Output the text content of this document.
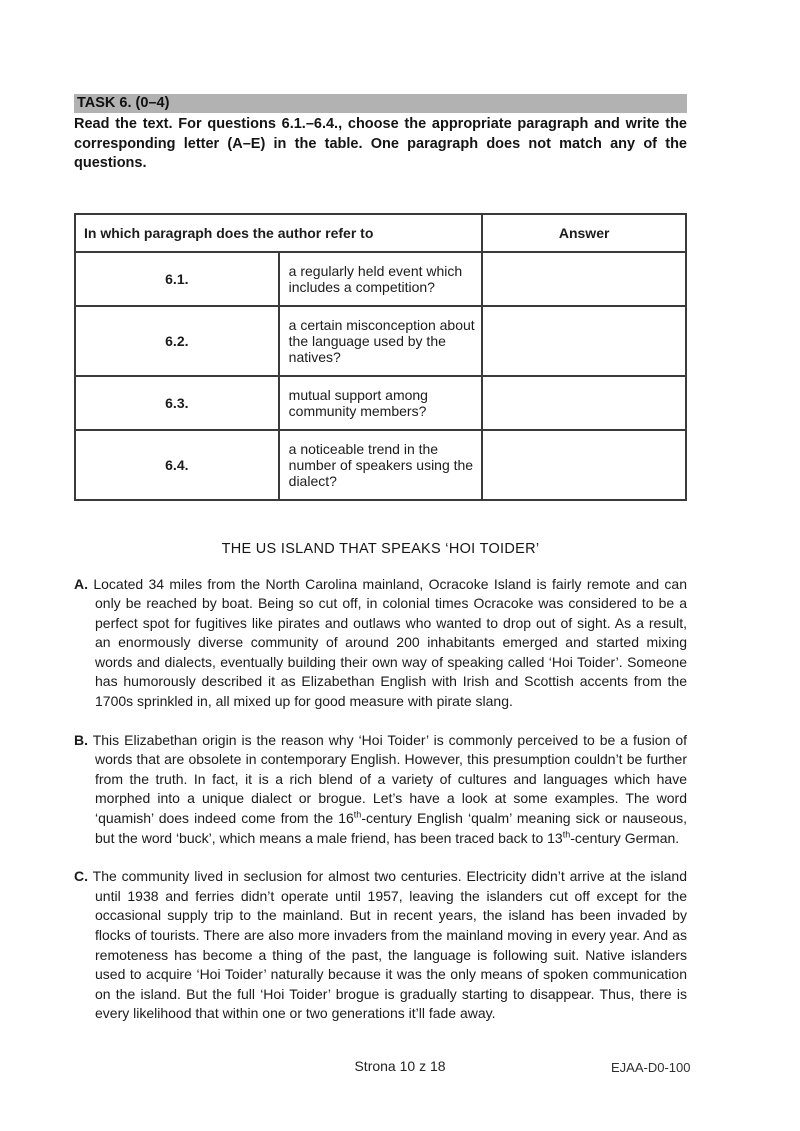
TASK 6. (0–4)
Read the text. For questions 6.1.–6.4., choose the appropriate paragraph and write the corresponding letter (A–E) in the table. One paragraph does not match any of the questions.
In which paragraph does the author refer to		Answer
6.1.	a regularly held event which includes a competition?	
6.2.	a certain misconception about the language used by the natives?	
6.3.	mutual support among community members?	
6.4.	a noticeable trend in the number of speakers using the dialect?	
THE US ISLAND THAT SPEAKS ‘HOI TOIDER’

A. Located 34 miles from the North Carolina mainland, Ocracoke Island is fairly remote and can only be reached by boat. Being so cut off, in colonial times Ocracoke was considered to be a perfect spot for fugitives like pirates and outlaws who wanted to drop out of sight. As a result, an enormously diverse community of around 200 inhabitants emerged and started mixing words and dialects, eventually building their own way of speaking called ‘Hoi Toider’. Someone has humorously described it as Elizabethan English with Irish and Scottish accents from the 1700s sprinkled in, all mixed up for good measure with pirate slang.

B. This Elizabethan origin is the reason why ‘Hoi Toider’ is commonly perceived to be a fusion of words that are obsolete in contemporary English. However, this presumption couldn’t be further from the truth. In fact, it is a rich blend of a variety of cultures and languages which have morphed into a unique dialect or brogue. Let’s have a look at some examples. The word ‘quamish’ does indeed come from the 16th-century English ‘qualm’ meaning sick or nauseous, but the word ‘buck’, which means a male friend, has been traced back to 13th-century German.

C. The community lived in seclusion for almost two centuries. Electricity didn’t arrive at the island until 1938 and ferries didn’t operate until 1957, leaving the islanders cut off except for the occasional supply trip to the mainland. But in recent years, the island has been invaded by flocks of tourists. There are also more invaders from the mainland moving in every year. And as remoteness has become a thing of the past, the language is following suit. Native islanders used to acquire ‘Hoi Toider’ naturally because it was the only means of spoken communication on the island. But the full ‘Hoi Toider’ brogue is gradually starting to disappear. Thus, there is every likelihood that within one or two generations it’ll fade away.

Strona 10 z 18	EJAA-D0-100
